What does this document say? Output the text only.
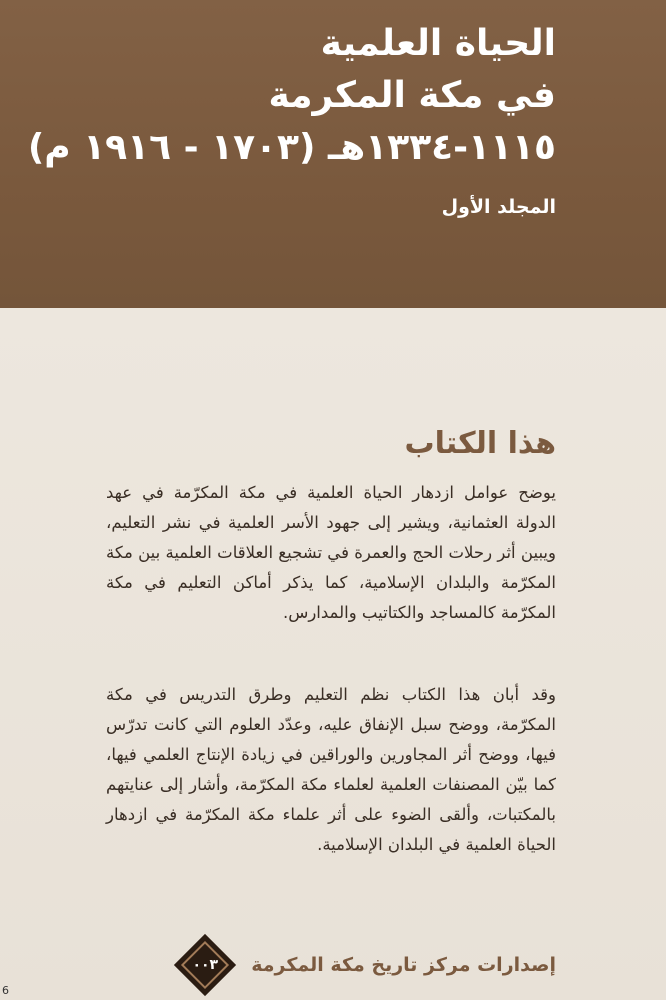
الحياة العلمية
في مكة المكرمة
١١١٥-١٣٣٤هـ (١٧٠٣ - ١٩١٦ م)
المجلد الأول
هذا الكتاب
يوضح عوامل ازدهار الحياة العلمية في مكة المكرّمة في عهد الدولة العثمانية، ويشير إلى جهود الأسر العلمية في نشر التعليم، ويبين أثر رحلات الحج والعمرة في تشجيع العلاقات العلمية بين مكة المكرّمة والبلدان الإسلامية، كما يذكر أماكن التعليم في مكة المكرّمة كالمساجد والكتاتيب والمدارس.
وقد أبان هذا الكتاب نظم التعليم وطرق التدريس في مكة المكرّمة، ووضح سبل الإنفاق عليه، وعدّد العلوم التي كانت تدرّس فيها، ووضح أثر المجاورين والوراقين في زيادة الإنتاج العلمي فيها، كما بيّن المصنفات العلمية لعلماء مكة المكرّمة، وأشار إلى عنايتهم بالمكتبات، وألقى الضوء على أثر علماء مكة المكرّمة في ازدهار الحياة العلمية في البلدان الإسلامية.
إصدارات مركز تاريخ مكة المكرمة
٠٠٣
6
